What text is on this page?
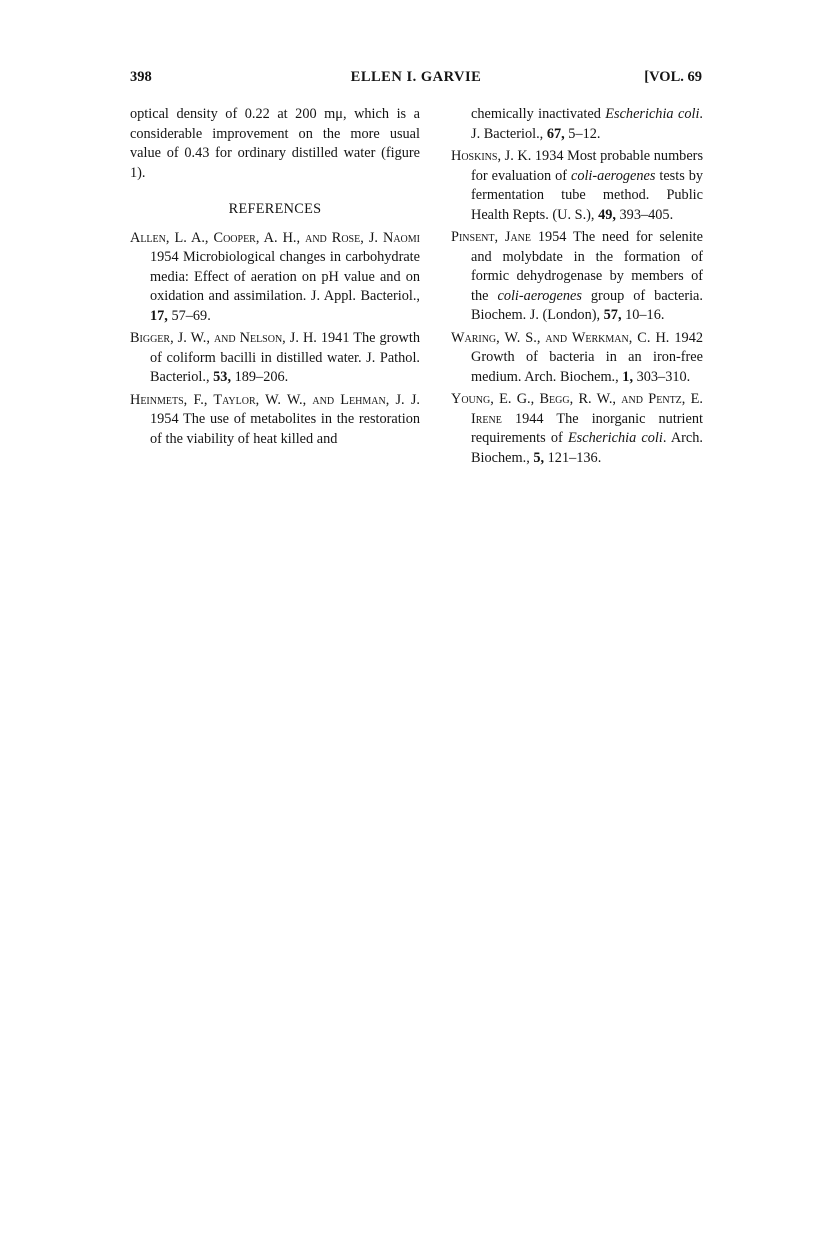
398	ELLEN I. GARVIE	[VOL. 69

optical density of 0.22 at 200 mμ, which is a considerable improvement on the more usual value of 0.43 for ordinary distilled water (figure 1).

REFERENCES

Allen, L. A., Cooper, A. H., and Rose, J. Naomi 1954 Microbiological changes in carbohydrate media: Effect of aeration on pH value and on oxidation and assimilation. J. Appl. Bacteriol., 17, 57–69.

Bigger, J. W., and Nelson, J. H. 1941 The growth of coliform bacilli in distilled water. J. Pathol. Bacteriol., 53, 189–206.

Heinmets, F., Taylor, W. W., and Lehman, J. J. 1954 The use of metabolites in the restoration of the viability of heat killed and

chemically inactivated Escherichia coli. J. Bacteriol., 67, 5–12.

Hoskins, J. K. 1934 Most probable numbers for evaluation of coli-aerogenes tests by fermentation tube method. Public Health Repts. (U. S.), 49, 393–405.

Pinsent, Jane 1954 The need for selenite and molybdate in the formation of formic dehydrogenase by members of the coli-aerogenes group of bacteria. Biochem. J. (London), 57, 10–16.

Waring, W. S., and Werkman, C. H. 1942 Growth of bacteria in an iron-free medium. Arch. Biochem., 1, 303–310.

Young, E. G., Begg, R. W., and Pentz, E. Irene 1944 The inorganic nutrient requirements of Escherichia coli. Arch. Biochem., 5, 121–136.
